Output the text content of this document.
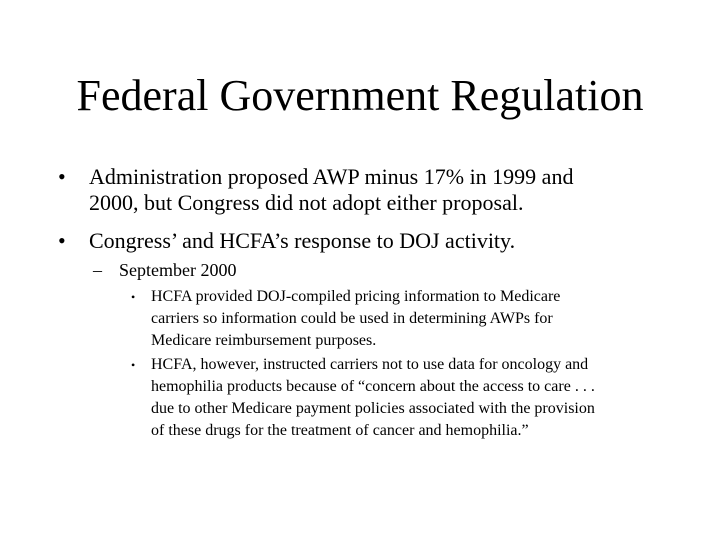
Federal Government Regulation
• Administration proposed AWP minus 17% in 1999 and
2000, but Congress did not adopt either proposal.
• Congress’ and HCFA’s response to DOJ activity.
– September 2000
• HCFA provided DOJ-compiled pricing information to Medicare
carriers so information could be used in determining AWPs for
Medicare reimbursement purposes.
• HCFA, however, instructed carriers not to use data for oncology and
hemophilia products because of “concern about the access to care . . .
due to other Medicare payment policies associated with the provision
of these drugs for the treatment of cancer and hemophilia.”
